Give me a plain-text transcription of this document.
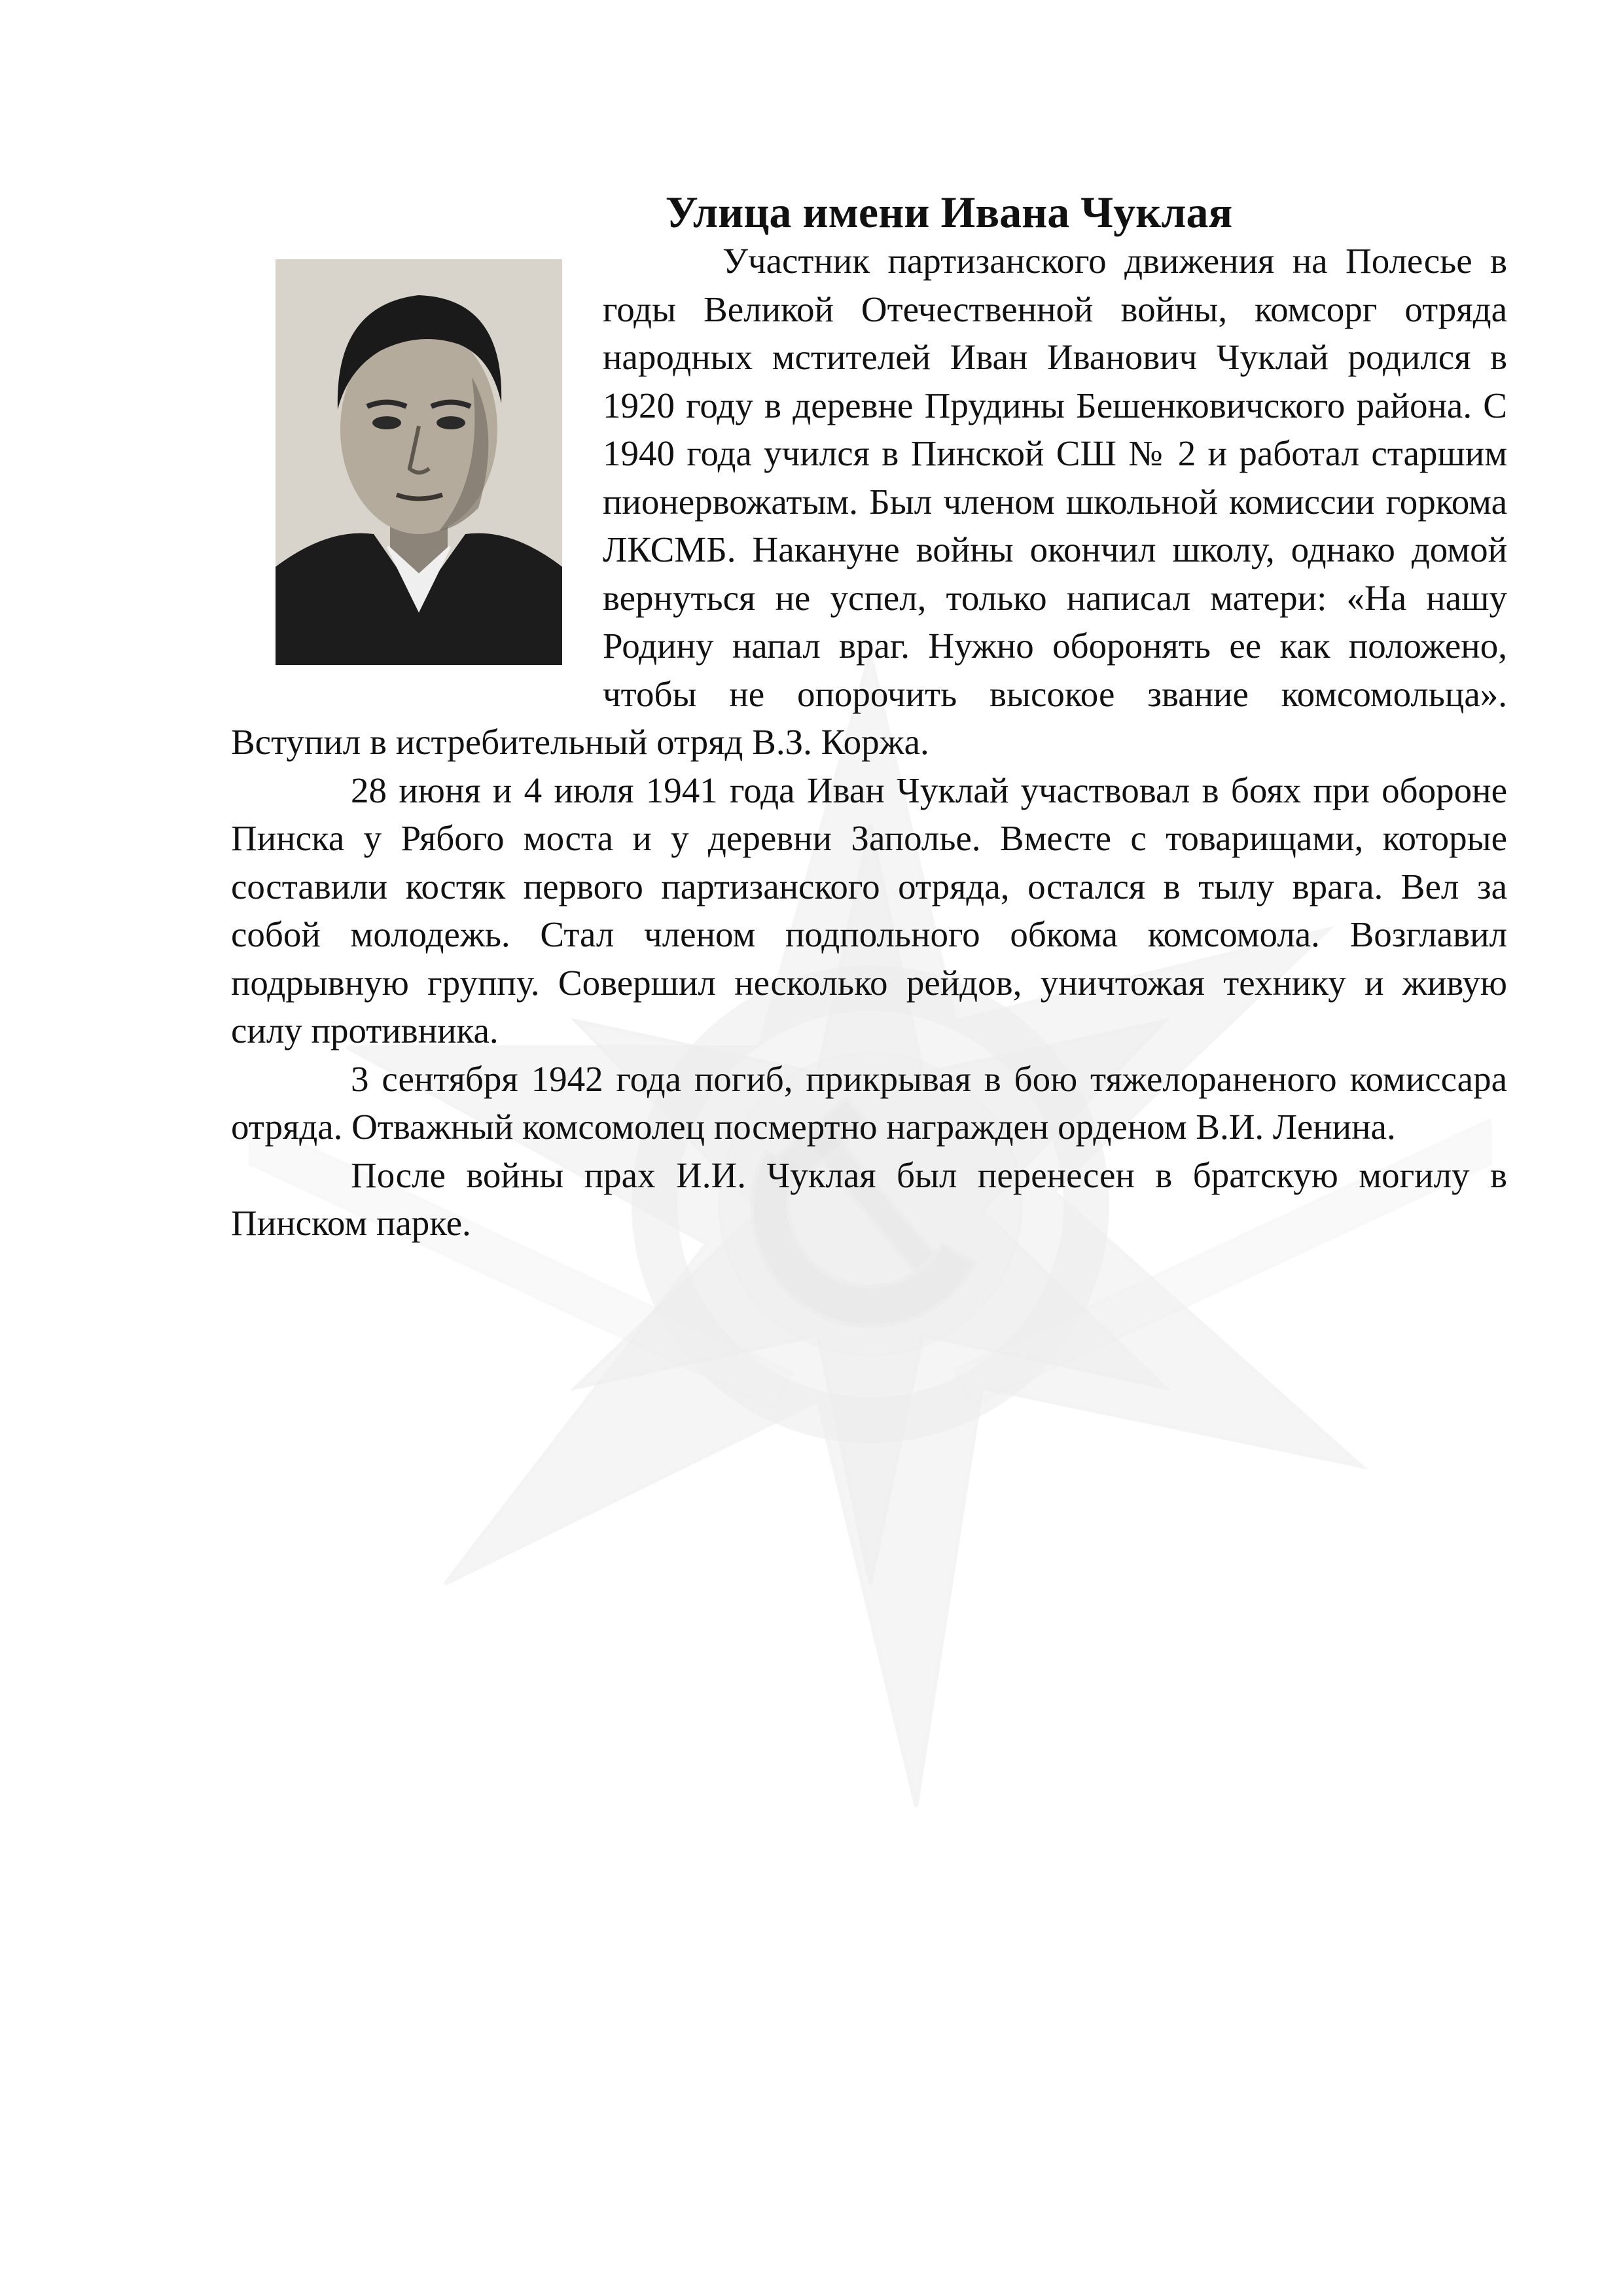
Улица имени Ивана Чуклая

Участник партизанского движения на Полесье в годы Великой Отечественной войны, комсорг отряда народных мстителей Иван Иванович Чуклай родился в 1920 году в деревне Прудины Бешенковичского района. С 1940 года учился в Пинской СШ № 2 и работал старшим пионервожатым. Был членом школьной комиссии горкома ЛКСМБ. Накануне войны окончил школу, однако домой вернуться не успел, только написал матери: «На нашу Родину напал враг. Нужно оборонять ее как положено, чтобы не опорочить высокое звание комсомольца». Вступил в истребительный отряд В.З. Коржа.

28 июня и 4 июля 1941 года Иван Чуклай участвовал в боях при обороне Пинска у Рябого моста и у деревни Заполье. Вместе с товарищами, которые составили костяк первого партизанского отряда, остался в тылу врага. Вел за собой молодежь. Стал членом подпольного обкома комсомола. Возглавил подрывную группу. Совершил несколько рейдов, уничтожая технику и живую силу противника.

3 сентября 1942 года погиб, прикрывая в бою тяжелораненого комиссара отряда. Отважный комсомолец посмертно награжден орденом В.И. Ленина.

После войны прах И.И. Чуклая был перенесен в братскую могилу в Пинском парке.
